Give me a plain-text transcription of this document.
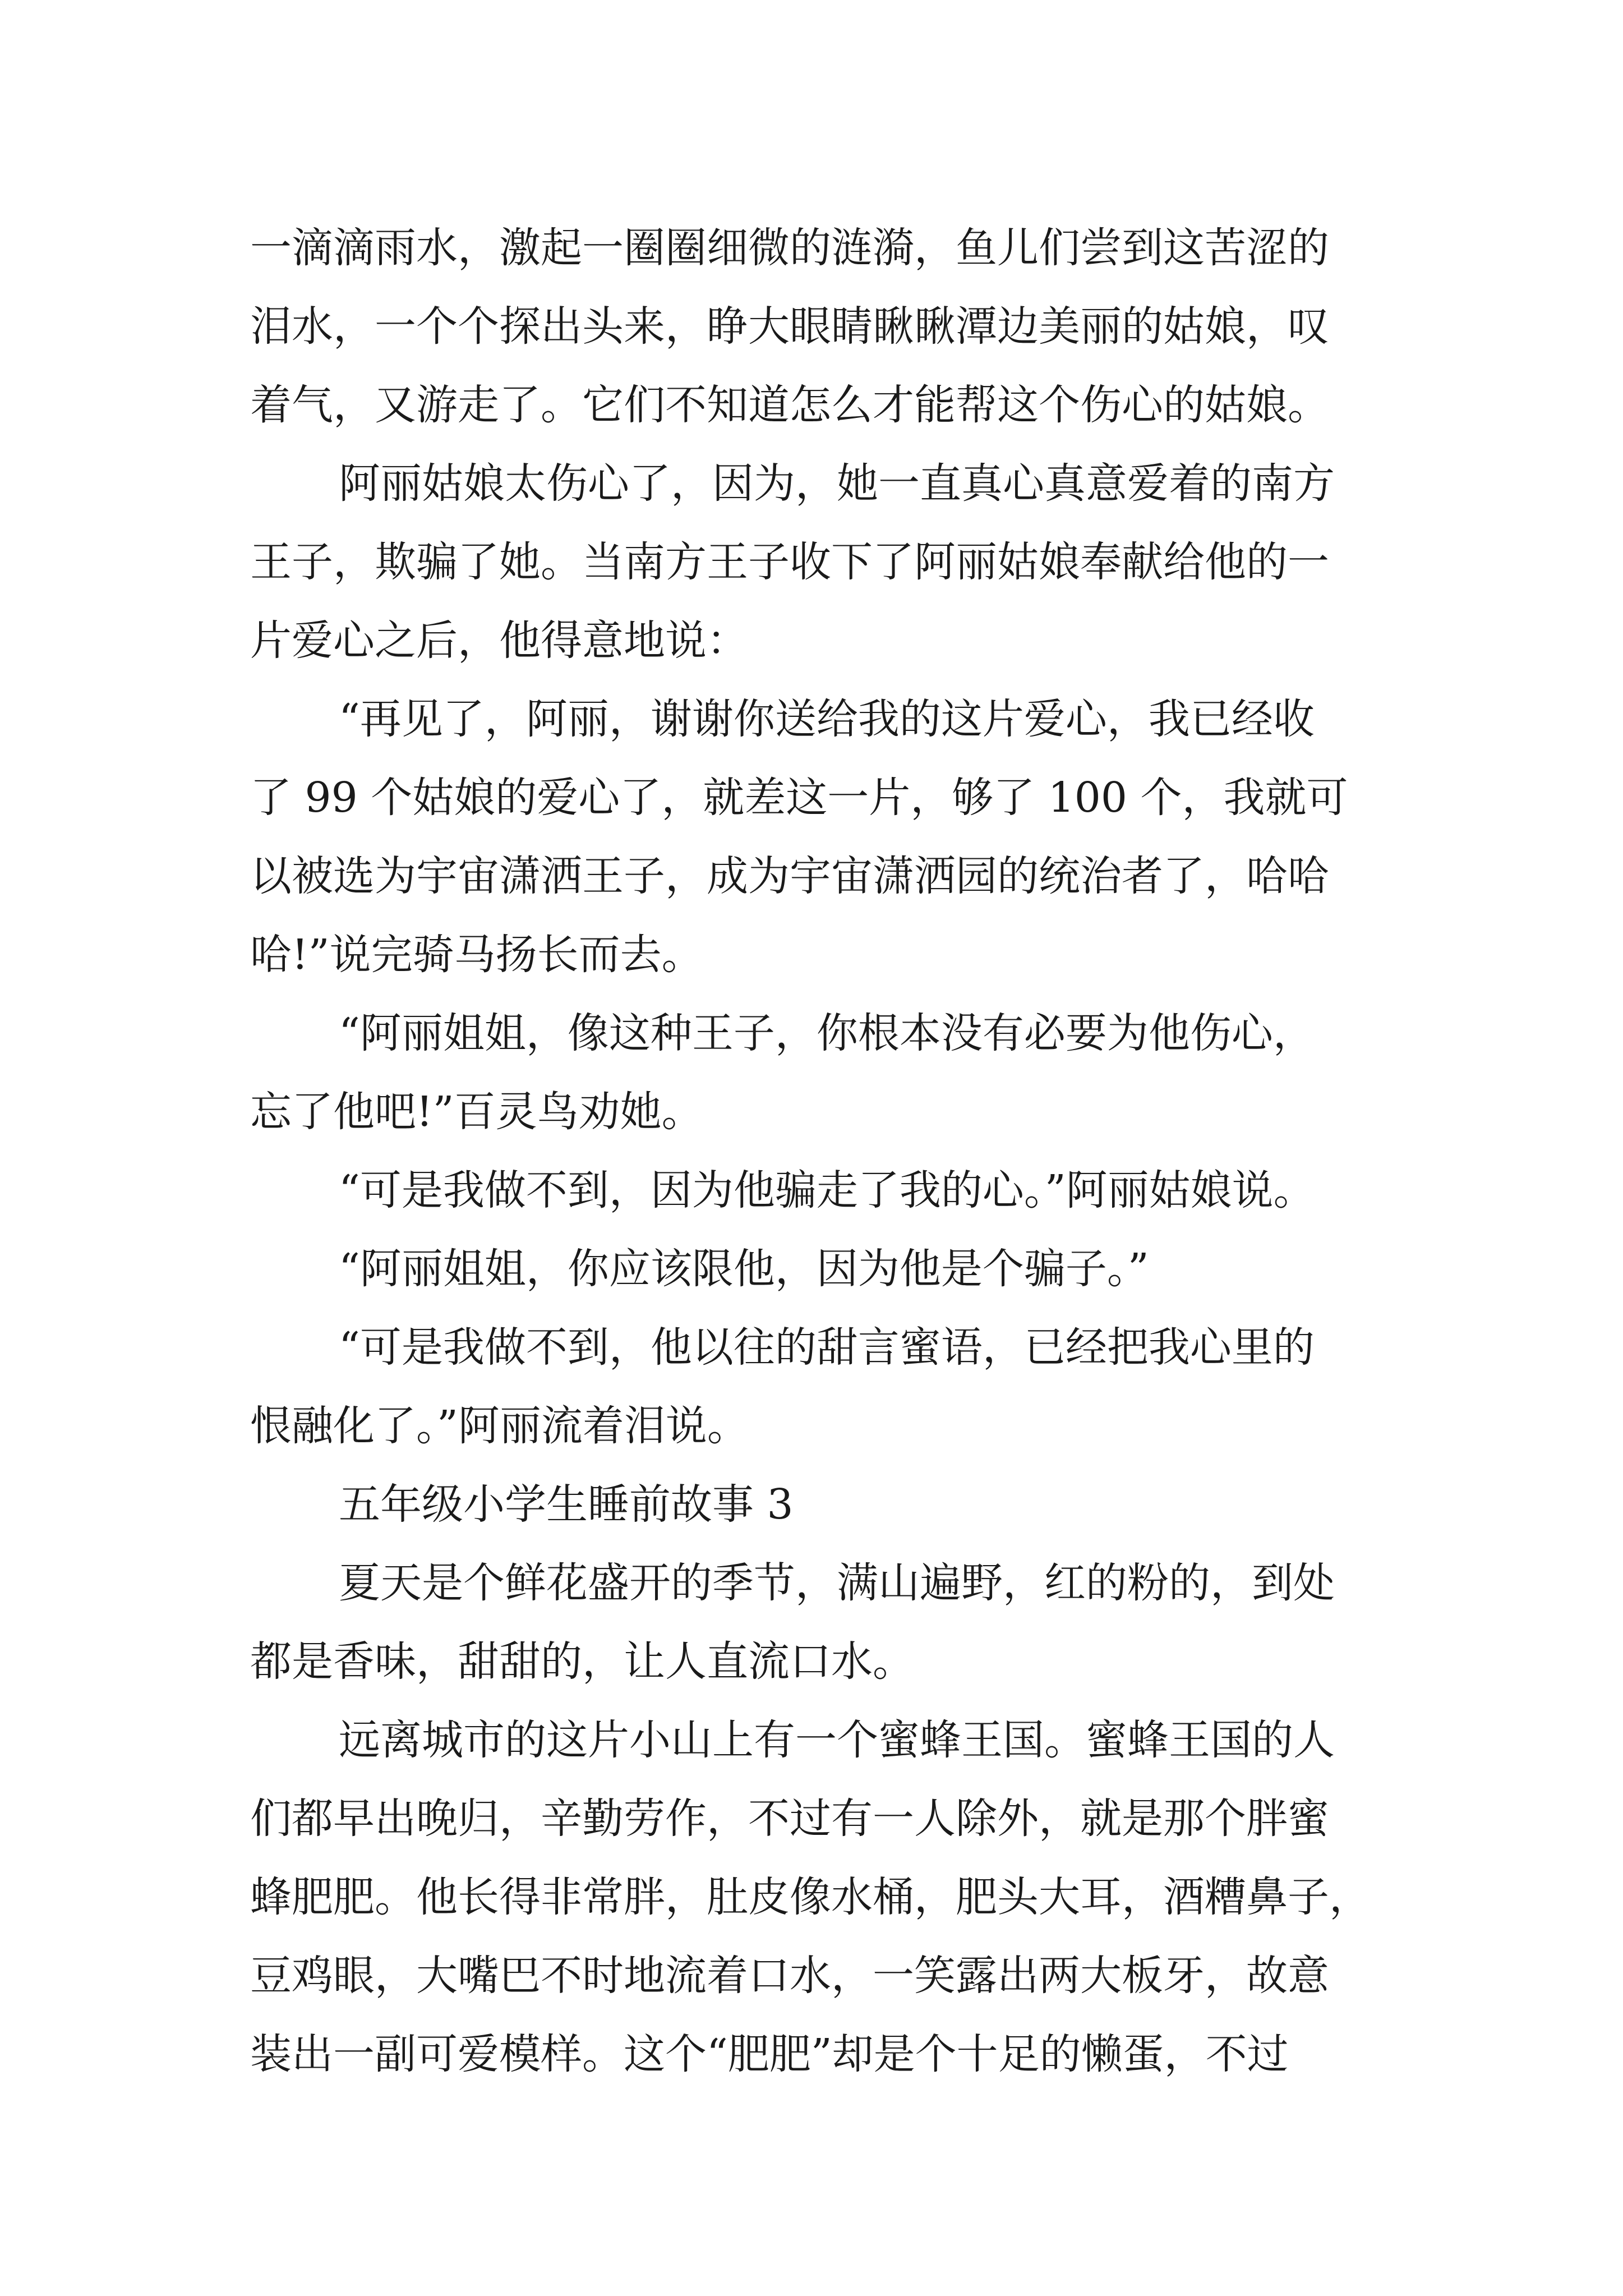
一滴滴雨水，激起一圈圈细微的涟漪，鱼儿们尝到这苦涩的
泪水，一个个探出头来，睁大眼睛瞅瞅潭边美丽的姑娘，叹
着气，又游走了。它们不知道怎么才能帮这个伤心的姑娘。
阿丽姑娘太伤心了，因为，她一直真心真意爱着的南方
王子，欺骗了她。当南方王子收下了阿丽姑娘奉献给他的一
片爱心之后，他得意地说：
“再见了，阿丽，谢谢你送给我的这片爱心，我已经收
了 99 个姑娘的爱心了，就差这一片，够了 100 个，我就可
以被选为宇宙潇洒王子，成为宇宙潇洒园的统治者了，哈哈
哈!”说完骑马扬长而去。
“阿丽姐姐，像这种王子，你根本没有必要为他伤心，
忘了他吧!”百灵鸟劝她。
“可是我做不到，因为他骗走了我的心。”阿丽姑娘说。
“阿丽姐姐，你应该限他，因为他是个骗子。”
“可是我做不到，他以往的甜言蜜语，已经把我心里的
恨融化了。”阿丽流着泪说。
五年级小学生睡前故事 3
夏天是个鲜花盛开的季节，满山遍野，红的粉的，到处
都是香味，甜甜的，让人直流口水。
远离城市的这片小山上有一个蜜蜂王国。蜜蜂王国的人
们都早出晚归，辛勤劳作，不过有一人除外，就是那个胖蜜
蜂肥肥。他长得非常胖，肚皮像水桶，肥头大耳，酒糟鼻子，
豆鸡眼，大嘴巴不时地流着口水，一笑露出两大板牙，故意
装出一副可爱模样。这个“肥肥”却是个十足的懒蛋，不过
